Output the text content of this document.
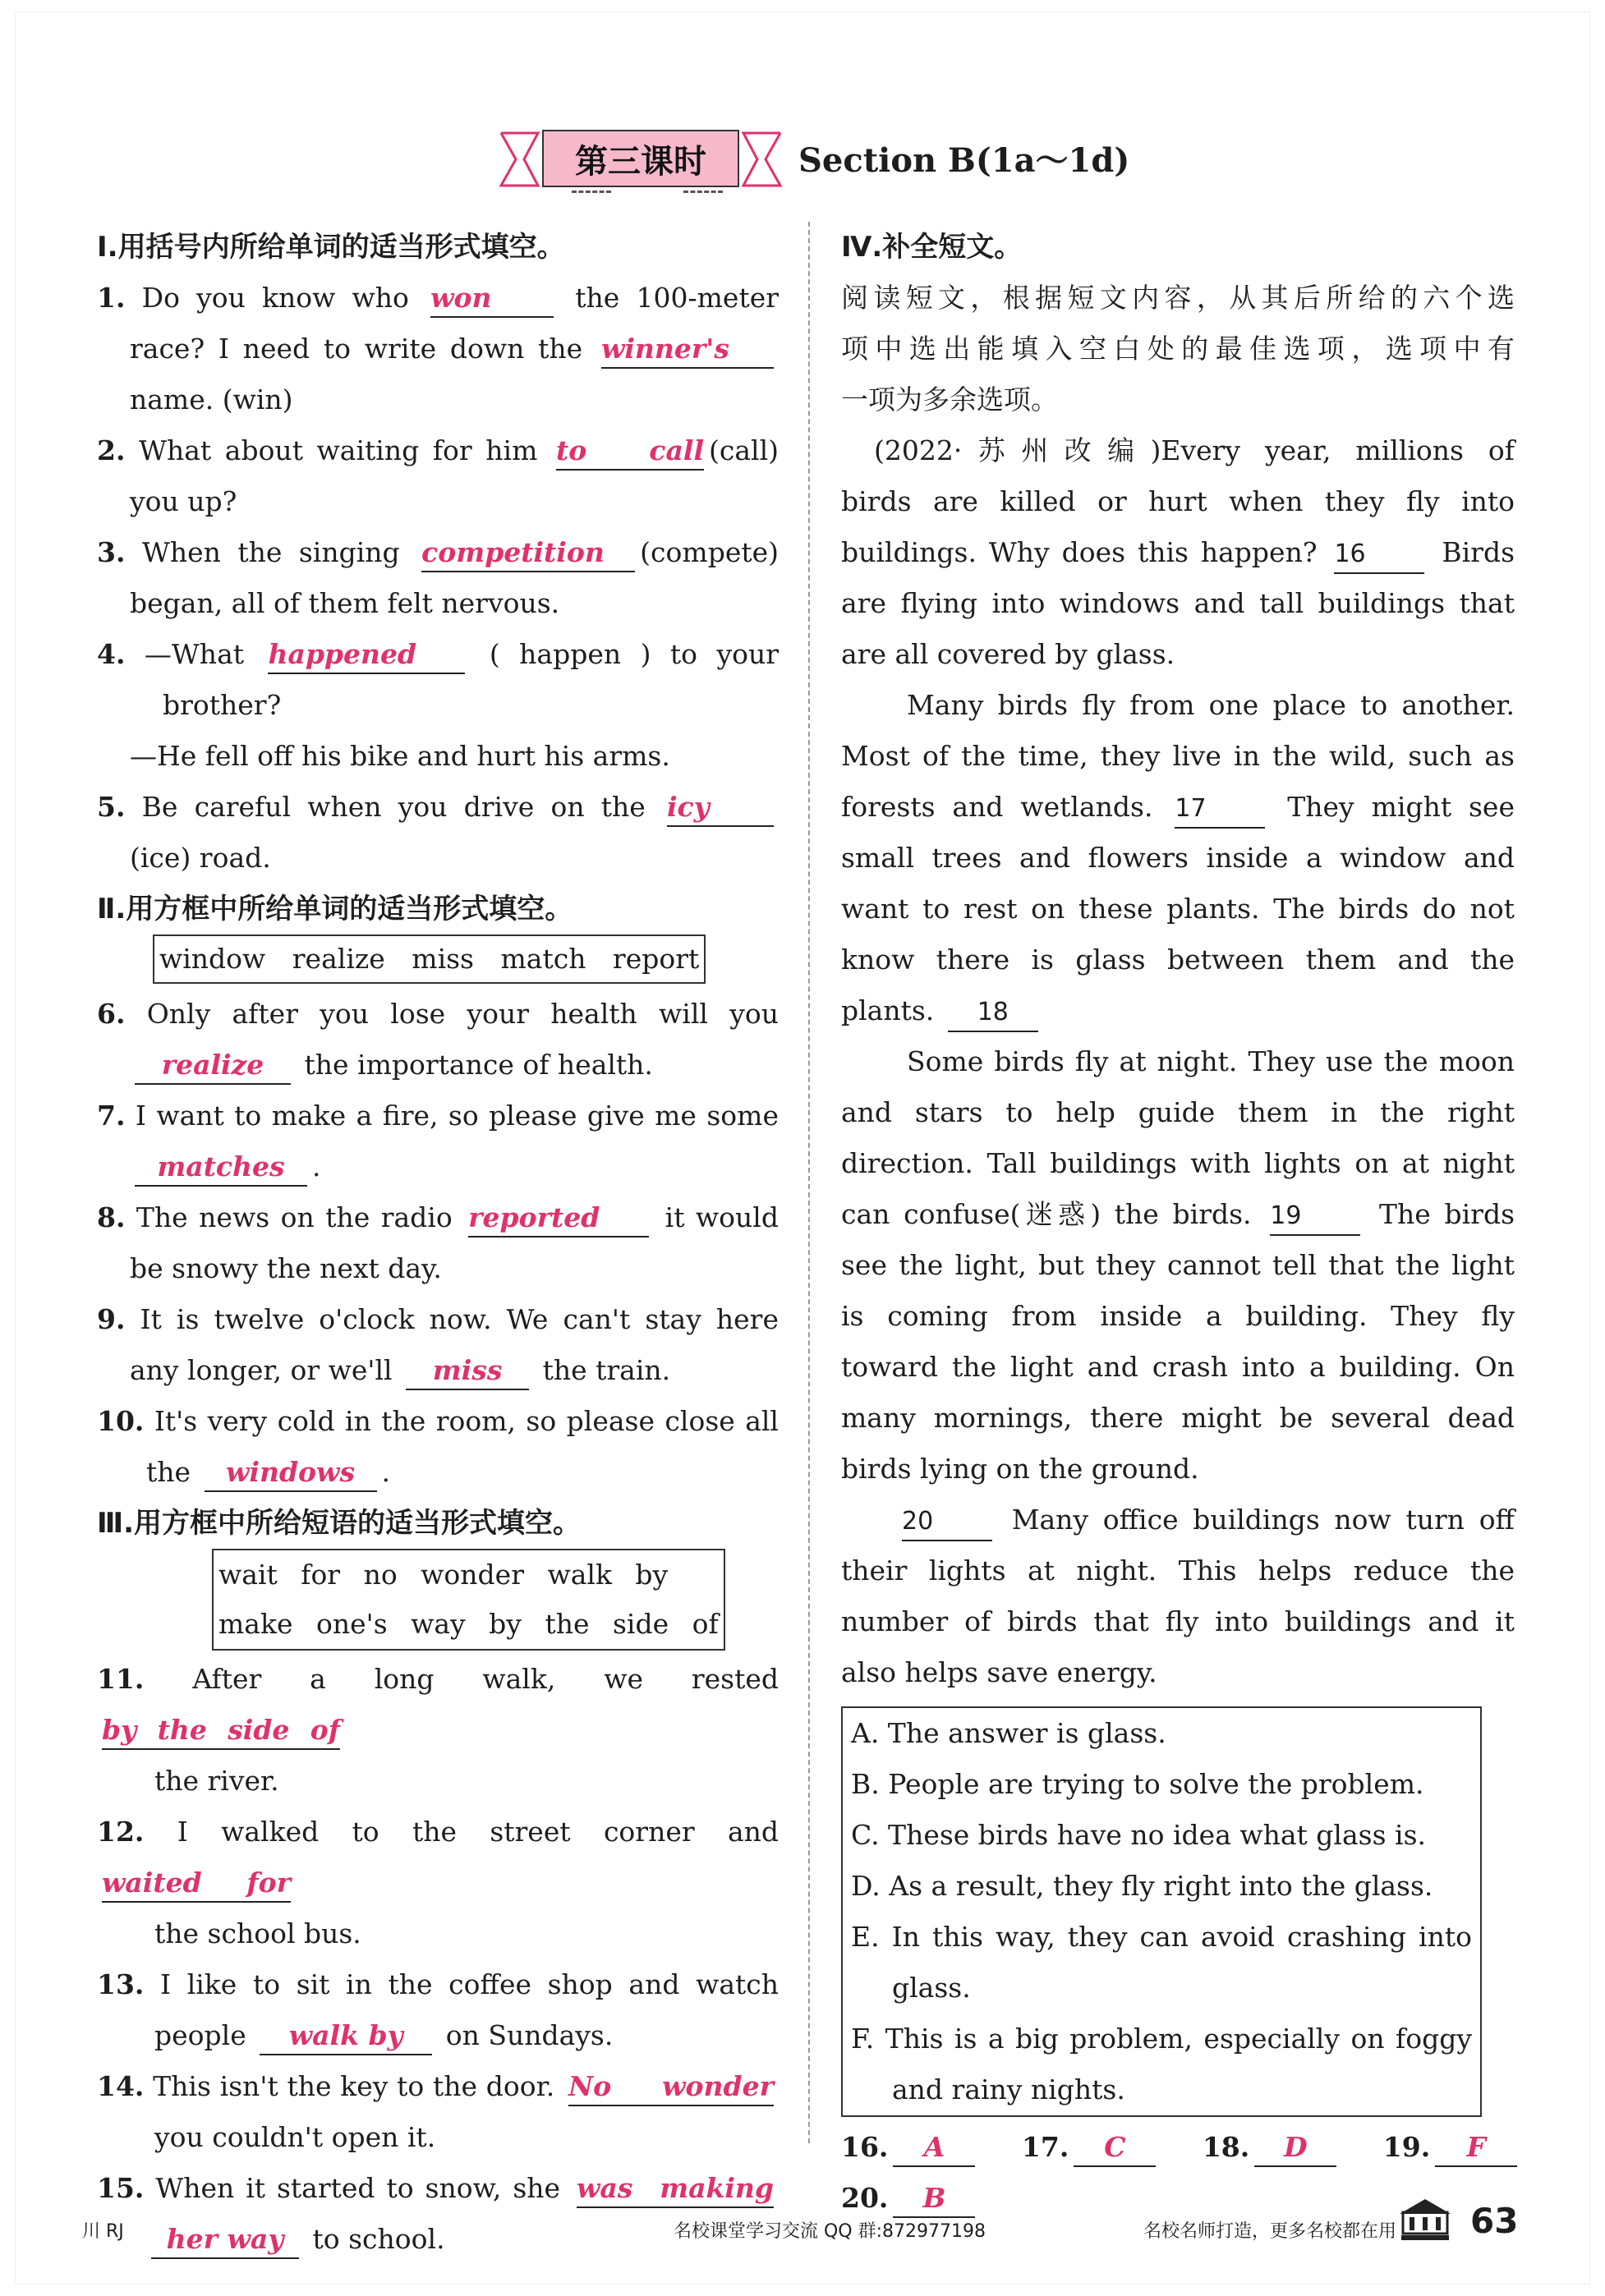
第三课时	Section B(1a～1d)
Ⅰ.用括号内所给单词的适当形式填空。
1. Do you know who won	the 100-meter
race? I need to write down the winner's
name. (win)
2. What about waiting for him to call (call)
you up?
3. When the singing competition (compete)
began, all of them felt nervous.
4. —What happened	( happen ) to your
brother?
—He fell off his bike and hurt his arms.
5. Be careful when you drive on the icy
(ice) road.
Ⅱ.用方框中所给单词的适当形式填空。
window realize miss match report
6. Only after you lose your health will you
realize the importance of health.
7. I want to make a fire, so please give me some
matches .
8. The news on the radio reported it would
be snowy the next day.
9. It is twelve o'clock now. We can't stay here
any longer, or we'll miss the train.
10. It's very cold in the room, so please close all
the windows .
Ⅲ.用方框中所给短语的适当形式填空。
wait for no wonder walk by
make one's way by the side of
11. After a long walk, we rested by the side of
the river.
12. I walked to the street corner and waited for
the school bus.
13. I like to sit in the coffee shop and watch
people walk by on Sundays.
14. This isn't the key to the door. No wonder
you couldn't open it.
15. When it started to snow, she was making
her way to school.
Ⅳ.补全短文。
阅读短文，根据短文内容，从其后所给的六个选
项中选出能填入空白处的最佳选项，选项中有
一项为多余选项。
(2022·苏州改编)Every year, millions of
birds are killed or hurt when they fly into
buildings. Why does this happen? 16	Birds
are flying into windows and tall buildings that
are all covered by glass.
Many birds fly from one place to another.
Most of the time, they live in the wild, such as
forests and wetlands. 17	They might see
small trees and flowers inside a window and
want to rest on these plants. The birds do not
know there is glass between them and the
plants. 18
Some birds fly at night. They use the moon
and stars to help guide them in the right
direction. Tall buildings with lights on at night
can confuse(迷惑) the birds. 19	The birds
see the light, but they cannot tell that the light
is coming from inside a building. They fly
toward the light and crash into a building. On
many mornings, there might be several dead
birds lying on the ground.
20	Many office buildings now turn off
their lights at night. This helps reduce the
number of birds that fly into buildings and it
also helps save energy.
A. The answer is glass.
B. People are trying to solve the problem.
C. These birds have no idea what glass is.
D. As a result, they fly right into the glass.
E. In this way, they can avoid crashing into
glass.
F. This is a big problem, especially on foggy
and rainy nights.
16. A	17. C	18. D	19. F
20. B
川 RJ	名校课堂学习交流 QQ 群:872977198	名校名师打造，更多名校都在用 63
